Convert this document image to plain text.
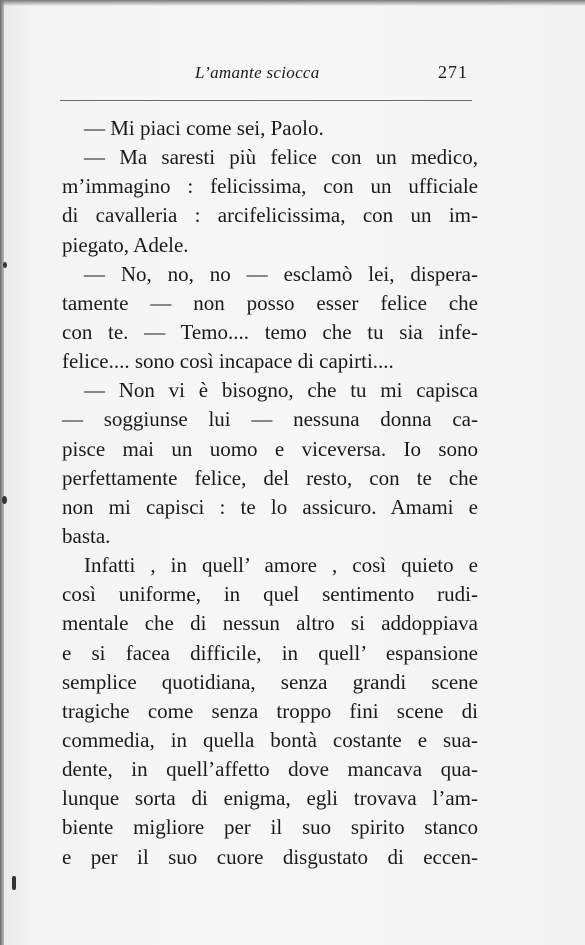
L’amante sciocca	271
— Mi piaci come sei, Paolo.
— Ma saresti più felice con un medico,
m’immagino : felicissima, con un ufficiale
di cavalleria : arcifelicissima, con un im-
piegato, Adele.
— No, no, no — esclamò lei, dispera-
tamente — non posso esser felice che
con te. — Temo.... temo che tu sia infe-
felice.... sono così incapace di capirti....
— Non vi è bisogno, che tu mi capisca
— soggiunse lui — nessuna donna ca-
pisce mai un uomo e viceversa. Io sono
perfettamente felice, del resto, con te che
non mi capisci : te lo assicuro. Amami e
basta.
Infatti , in quell’ amore , così quieto e
così uniforme, in quel sentimento rudi-
mentale che di nessun altro si addoppiava
e si facea difficile, in quell’ espansione
semplice quotidiana, senza grandi scene
tragiche come senza troppo fini scene di
commedia, in quella bontà costante e sua-
dente, in quell’affetto dove mancava qua-
lunque sorta di enigma, egli trovava l’am-
biente migliore per il suo spirito stanco
e per il suo cuore disgustato di eccen-
